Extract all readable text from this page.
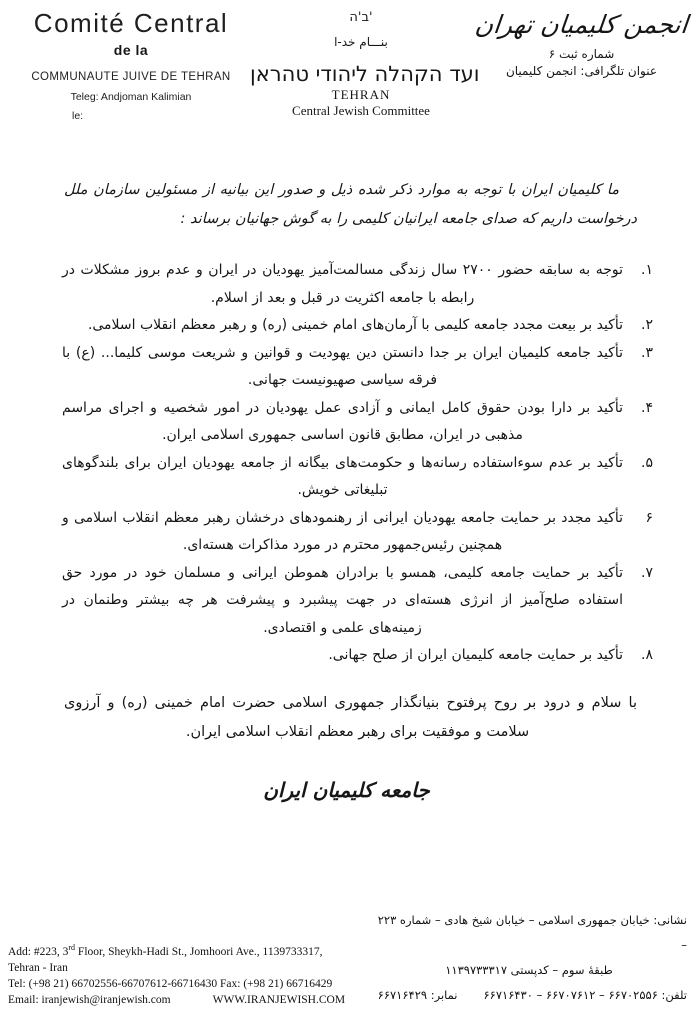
Comité Central
de la
COMMUNAUTE JUIVE DE TEHRAN
Teleg: Andjoman Kalimian
le:
ב'ה'
بنـــام خد-ا
ועד הקהלה ליהודי טהראן
TEHRAN
Central Jewish Committee
انجمن کلیمیان تهران
شماره ثبت ۶
عنوان تلگرافی: انجمن کلیمیان

ما کلیمیان ایران با توجه به موارد ذکر شده ذیل و صدور این بیانیه از مسئولین سازمان ملل درخواست داریم که صدای جامعه ایرانیان کلیمی را به گوش جهانیان برساند :

۱.
توجه به سابقه حضور ۲۷۰۰ سال زندگی مسالمت‌آمیز یهودیان در ایران و عدم بروز مشکلات در رابطه با جامعه اکثریت در قبل و بعد از اسلام.
۲.
تأکید بر بیعت مجدد جامعه کلیمی با آرمان‌های امام خمینی (ره) و رهبر معظم انقلاب اسلامی.
۳.
تأکید جامعه کلیمیان ایران بر جدا دانستن دین یهودیت و قوانین و شریعت موسی کلیما... (ع) با فرقه سیاسی صهیونیست جهانی.
۴.
تأکید بر دارا بودن حقوق کامل ایمانی و آزادی عمل یهودیان در امور شخصیه و اجرای مراسم مذهبی در ایران، مطابق قانون اساسی جمهوری اسلامی ایران.
۵.
تأکید بر عدم سوءاستفاده رسانه‌ها و حکومت‌های بیگانه از جامعه یهودیان ایران برای بلندگوهای تبلیغاتی خویش.
۶
تأکید مجدد بر حمایت جامعه یهودیان ایرانی از رهنمودهای درخشان رهبر معظم انقلاب اسلامی و همچنین رئیس‌جمهور محترم در مورد مذاکرات هسته‌ای.
۷.
تأکید بر حمایت جامعه کلیمی، همسو با برادران هموطن ایرانی و مسلمان خود در مورد حق استفاده صلح‌آمیز از انرژی هسته‌ای در جهت پیشبرد و پیشرفت هر چه بیشتر وطنمان در زمینه‌های علمی و اقتصادی.
۸.
تأکید بر حمایت جامعه کلیمیان ایران از صلح جهانی.

با سلام و درود بر روح پرفتوح بنیانگذار جمهوری اسلامی حضرت امام خمینی (ره) و آرزوی سلامت و موفقیت برای رهبر معظم انقلاب اسلامی ایران.

جامعه کلیمیان ایران
Add: #223, 3rd Floor, Sheykh-Hadi St., Jomhoori Ave., 1139733317,
Tehran - Iran
Tel: (+98 21) 66702556-66707612-66716430 Fax: (+98 21) 66716429
Email: iranjewish@iranjewish.com	WWW.IRANJEWISH.COM
نشانی: خیابان جمهوری اسلامی – خیابان شیخ هادی – شماره ۲۲۳ –
طبقهٔ سوم – کدپستی ۱۱۳۹۷۳۳۳۱۷
تلفن: ۶۶۷۰۲۵۵۶ – ۶۶۷۰۷۶۱۲ – ۶۶۷۱۶۴۳۰
نمابر: ۶۶۷۱۶۴۲۹
